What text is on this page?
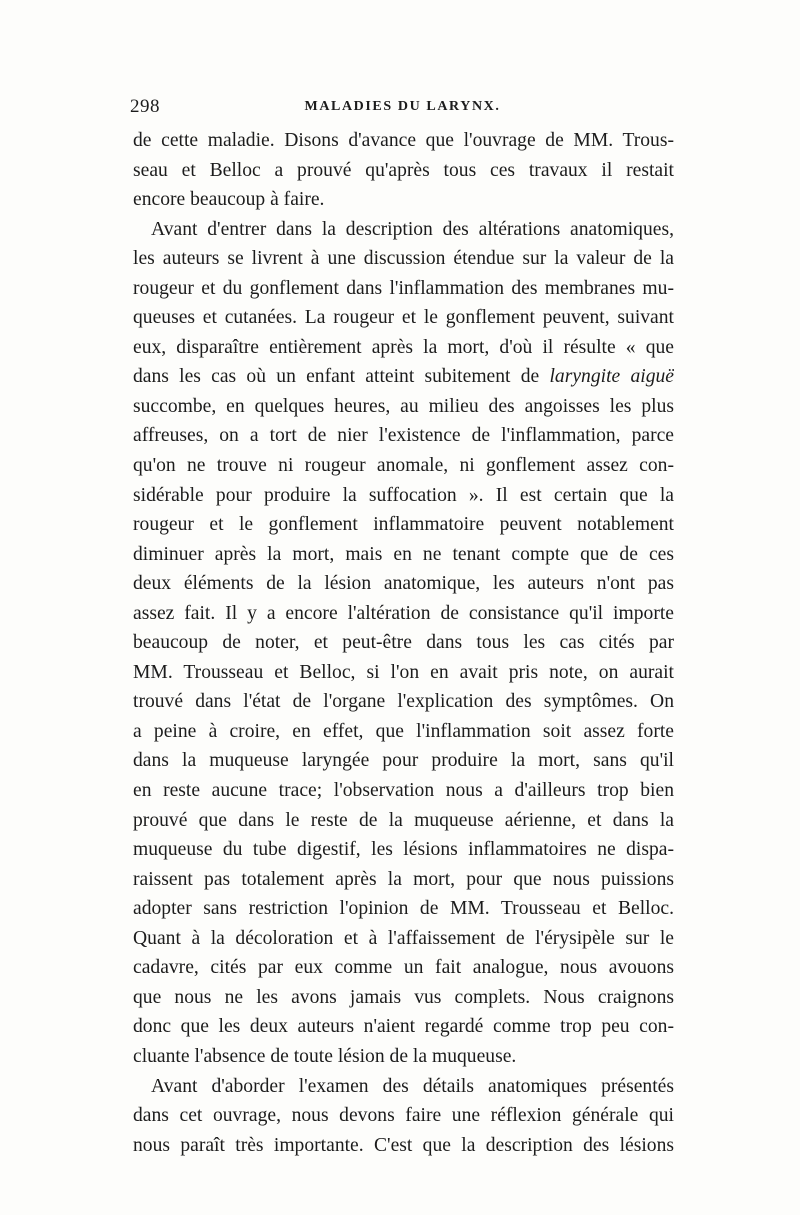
298	MALADIES DU LARYNX.
de cette maladie. Disons d'avance que l'ouvrage de MM. Trous-
seau et Belloc a prouvé qu'après tous ces travaux il restait
encore beaucoup à faire.
Avant d'entrer dans la description des altérations anatomiques,
les auteurs se livrent à une discussion étendue sur la valeur de la
rougeur et du gonflement dans l'inflammation des membranes mu-
queuses et cutanées. La rougeur et le gonflement peuvent, suivant
eux, disparaître entièrement après la mort, d'où il résulte « que
dans les cas où un enfant atteint subitement de laryngite aiguë
succombe, en quelques heures, au milieu des angoisses les plus
affreuses, on a tort de nier l'existence de l'inflammation, parce
qu'on ne trouve ni rougeur anomale, ni gonflement assez con-
sidérable pour produire la suffocation ». Il est certain que la
rougeur et le gonflement inflammatoire peuvent notablement
diminuer après la mort, mais en ne tenant compte que de ces
deux éléments de la lésion anatomique, les auteurs n'ont pas
assez fait. Il y a encore l'altération de consistance qu'il importe
beaucoup de noter, et peut-être dans tous les cas cités par
MM. Trousseau et Belloc, si l'on en avait pris note, on aurait
trouvé dans l'état de l'organe l'explication des symptômes. On
a peine à croire, en effet, que l'inflammation soit assez forte
dans la muqueuse laryngée pour produire la mort, sans qu'il
en reste aucune trace; l'observation nous a d'ailleurs trop bien
prouvé que dans le reste de la muqueuse aérienne, et dans la
muqueuse du tube digestif, les lésions inflammatoires ne dispa-
raissent pas totalement après la mort, pour que nous puissions
adopter sans restriction l'opinion de MM. Trousseau et Belloc.
Quant à la décoloration et à l'affaissement de l'érysipèle sur le
cadavre, cités par eux comme un fait analogue, nous avouons
que nous ne les avons jamais vus complets. Nous craignons
donc que les deux auteurs n'aient regardé comme trop peu con-
cluante l'absence de toute lésion de la muqueuse.
Avant d'aborder l'examen des détails anatomiques présentés
dans cet ouvrage, nous devons faire une réflexion générale qui
nous paraît très importante. C'est que la description des lésions
